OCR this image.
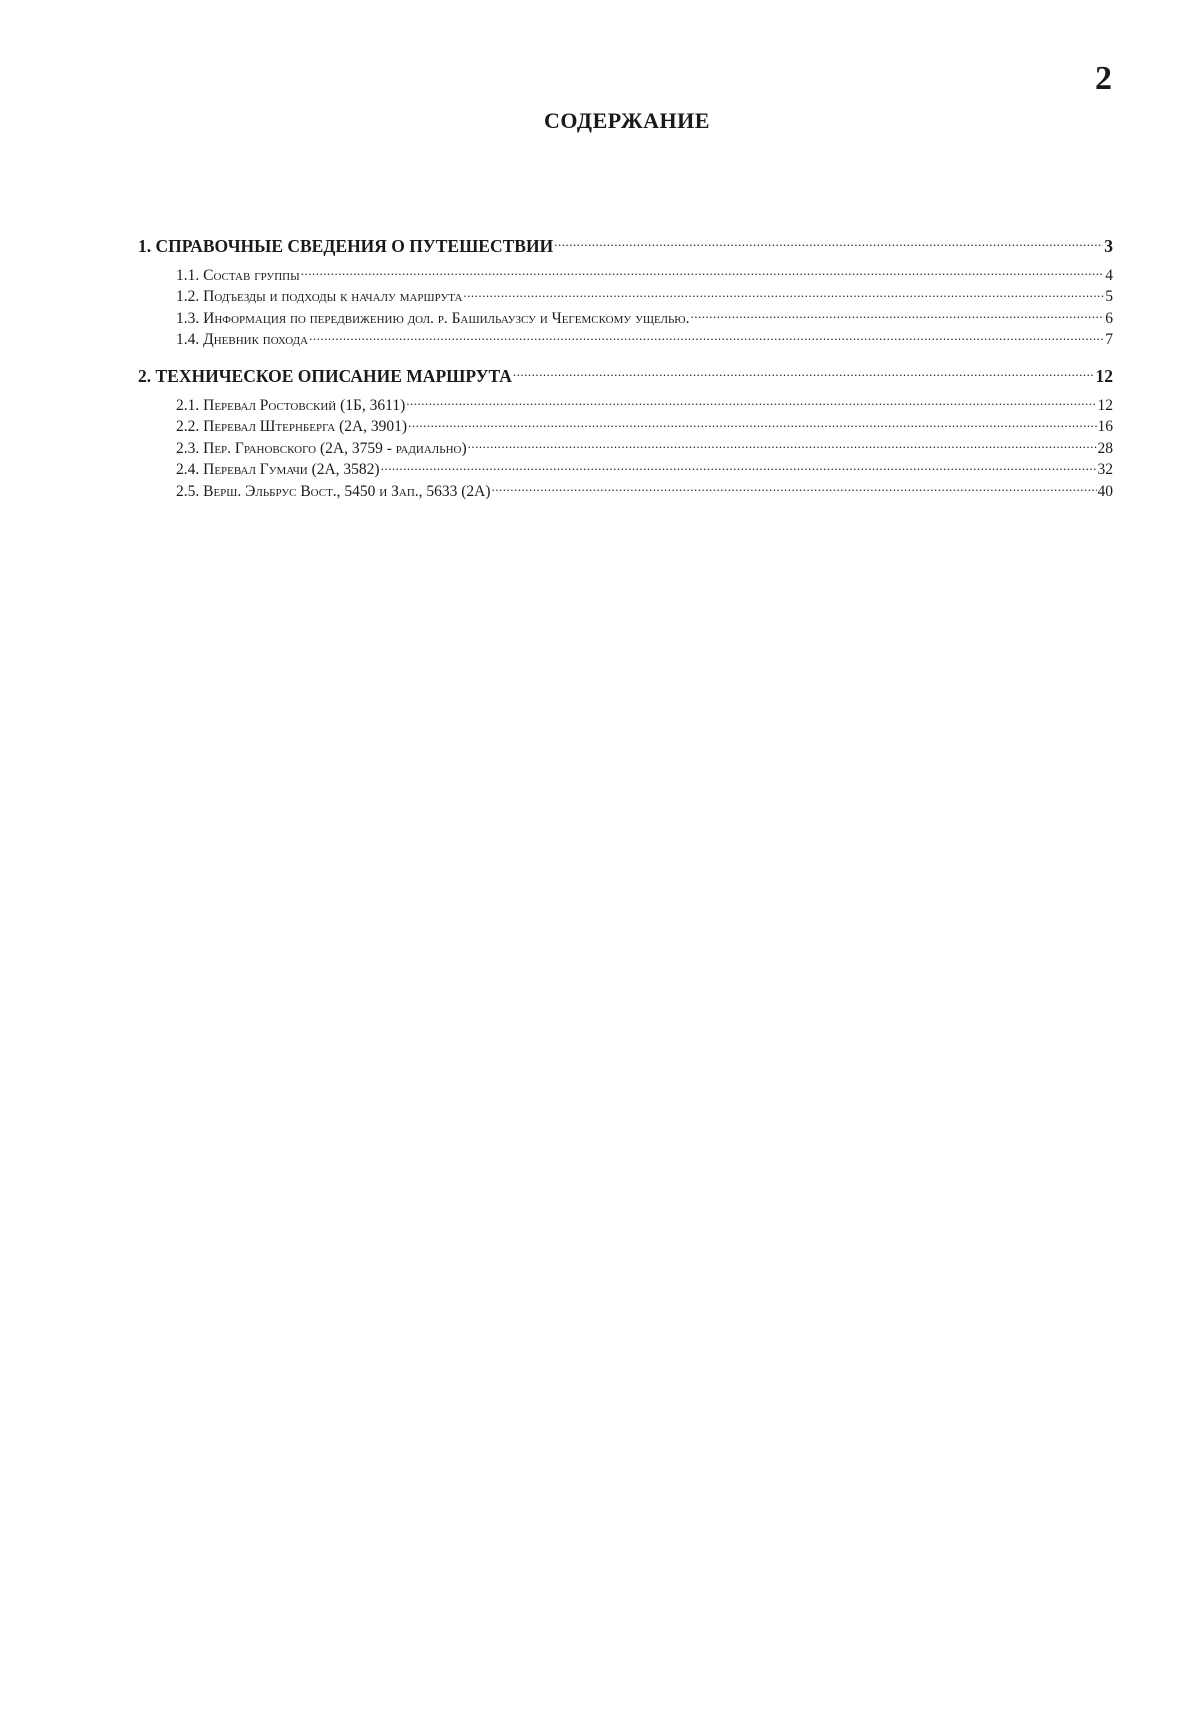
2
СОДЕРЖАНИЕ
1. СПРАВОЧНЫЕ СВЕДЕНИЯ О ПУТЕШЕСТВИИ .....	3
1.1. Состав группы .....	4
1.2. Подъезды и подходы к началу маршрута .....	5
1.3. Информация по передвижению дол. р. Башильаузсу и Чегемскому ущелью. .....	6
1.4. Дневник похода .....	7
2. ТЕХНИЧЕСКОЕ ОПИСАНИЕ МАРШРУТА .....	12
2.1. Перевал Ростовский (1Б, 3611) .....	12
2.2. Перевал Штернберга (2А, 3901) .....	16
2.3. Пер. Грановского (2А, 3759 - радиально) .....	28
2.4. Перевал Гумачи (2А, 3582) .....	32
2.5. Верш. Эльбрус Вост., 5450 и Зап., 5633 (2А) .....	40
